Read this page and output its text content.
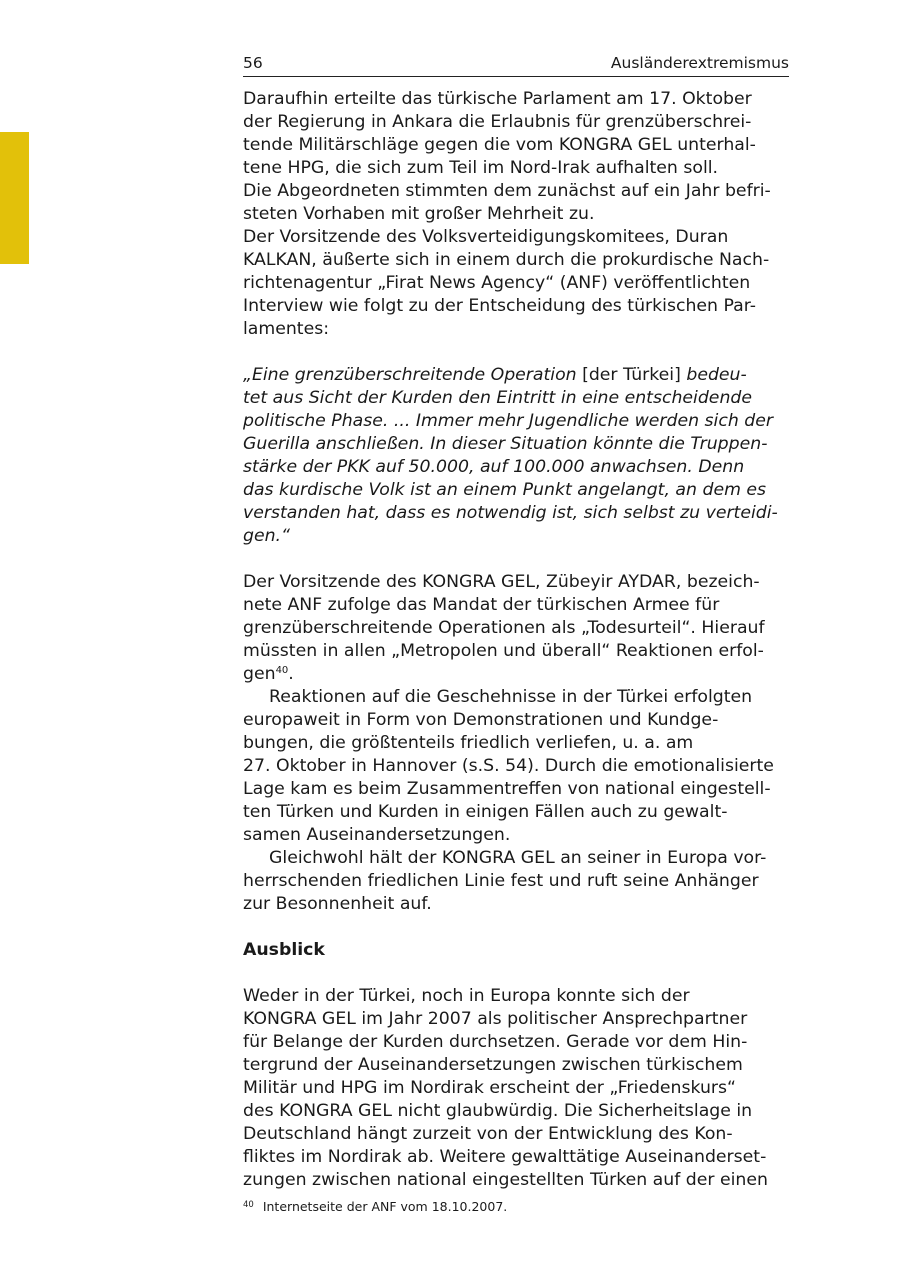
56	Ausländerextremismus

Daraufhin erteilte das türkische Parlament am 17. Oktober
der Regierung in Ankara die Erlaubnis für grenzüberschrei-
tende Militärschläge gegen die vom KONGRA GEL unterhal-
tene HPG, die sich zum Teil im Nord-Irak aufhalten soll.

Die Abgeordneten stimmten dem zunächst auf ein Jahr befri-
steten Vorhaben mit großer Mehrheit zu.

Der Vorsitzende des Volksverteidigungskomitees, Duran
KALKAN, äußerte sich in einem durch die prokurdische Nach-
richtenagentur „Firat News Agency“ (ANF) veröffentlichten
Interview wie folgt zu der Entscheidung des türkischen Par-
lamentes:

„Eine grenzüberschreitende Operation [der Türkei] bedeu-
tet aus Sicht der Kurden den Eintritt in eine entscheidende
politische Phase. ... Immer mehr Jugendliche werden sich der
Guerilla anschließen. In dieser Situation könnte die Truppen-
stärke der PKK auf 50.000, auf 100.000 anwachsen. Denn
das kurdische Volk ist an einem Punkt angelangt, an dem es
verstanden hat, dass es notwendig ist, sich selbst zu verteidi-
gen.“

Der Vorsitzende des KONGRA GEL, Zübeyir AYDAR, bezeich-
nete ANF zufolge das Mandat der türkischen Armee für
grenzüberschreitende Operationen als „Todesurteil“. Hierauf
müssten in allen „Metropolen und überall“ Reaktionen erfol-
gen$^{40}$.

Reaktionen auf die Geschehnisse in der Türkei erfolgten
europaweit in Form von Demonstrationen und Kundge-
bungen, die größtenteils friedlich verliefen, u. a. am
27. Oktober in Hannover (s.S. 54). Durch die emotionalisierte
Lage kam es beim Zusammentreffen von national eingestell-
ten Türken und Kurden in einigen Fällen auch zu gewalt-
samen Auseinandersetzungen.

Gleichwohl hält der KONGRA GEL an seiner in Europa vor-
herrschenden friedlichen Linie fest und ruft seine Anhänger
zur Besonnenheit auf.

Ausblick

Weder in der Türkei, noch in Europa konnte sich der
KONGRA GEL im Jahr 2007 als politischer Ansprechpartner
für Belange der Kurden durchsetzen. Gerade vor dem Hin-
tergrund der Auseinandersetzungen zwischen türkischem
Militär und HPG im Nordirak erscheint der „Friedenskurs“
des KONGRA GEL nicht glaubwürdig. Die Sicherheitslage in
Deutschland hängt zurzeit von der Entwicklung des Kon-
fliktes im Nordirak ab. Weitere gewalttätige Auseinanderset-
zungen zwischen national eingestellten Türken auf der einen

$^{40}$ Internetseite der ANF vom 18.10.2007.
